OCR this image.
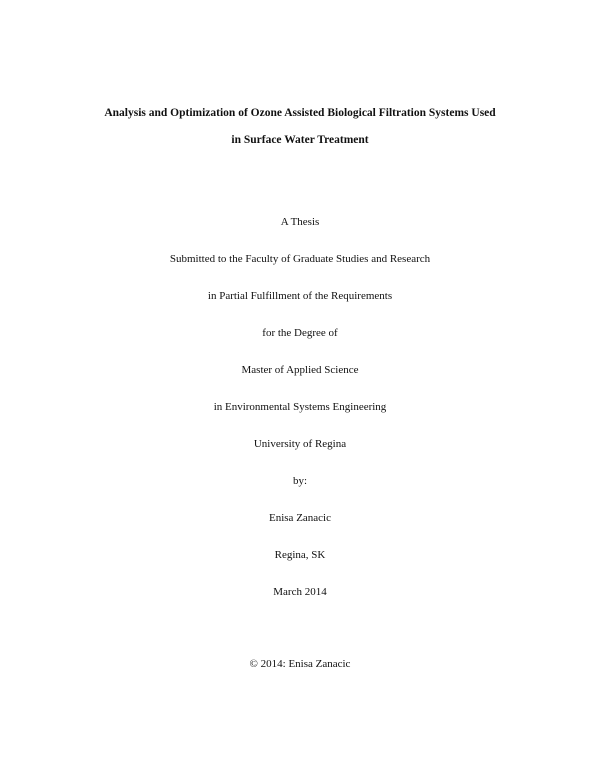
Analysis and Optimization of Ozone Assisted Biological Filtration Systems Used
in Surface Water Treatment
A Thesis
Submitted to the Faculty of Graduate Studies and Research
in Partial Fulfillment of the Requirements
for the Degree of
Master of Applied Science
in Environmental Systems Engineering
University of Regina
by:
Enisa Zanacic
Regina, SK
March 2014
© 2014: Enisa Zanacic
